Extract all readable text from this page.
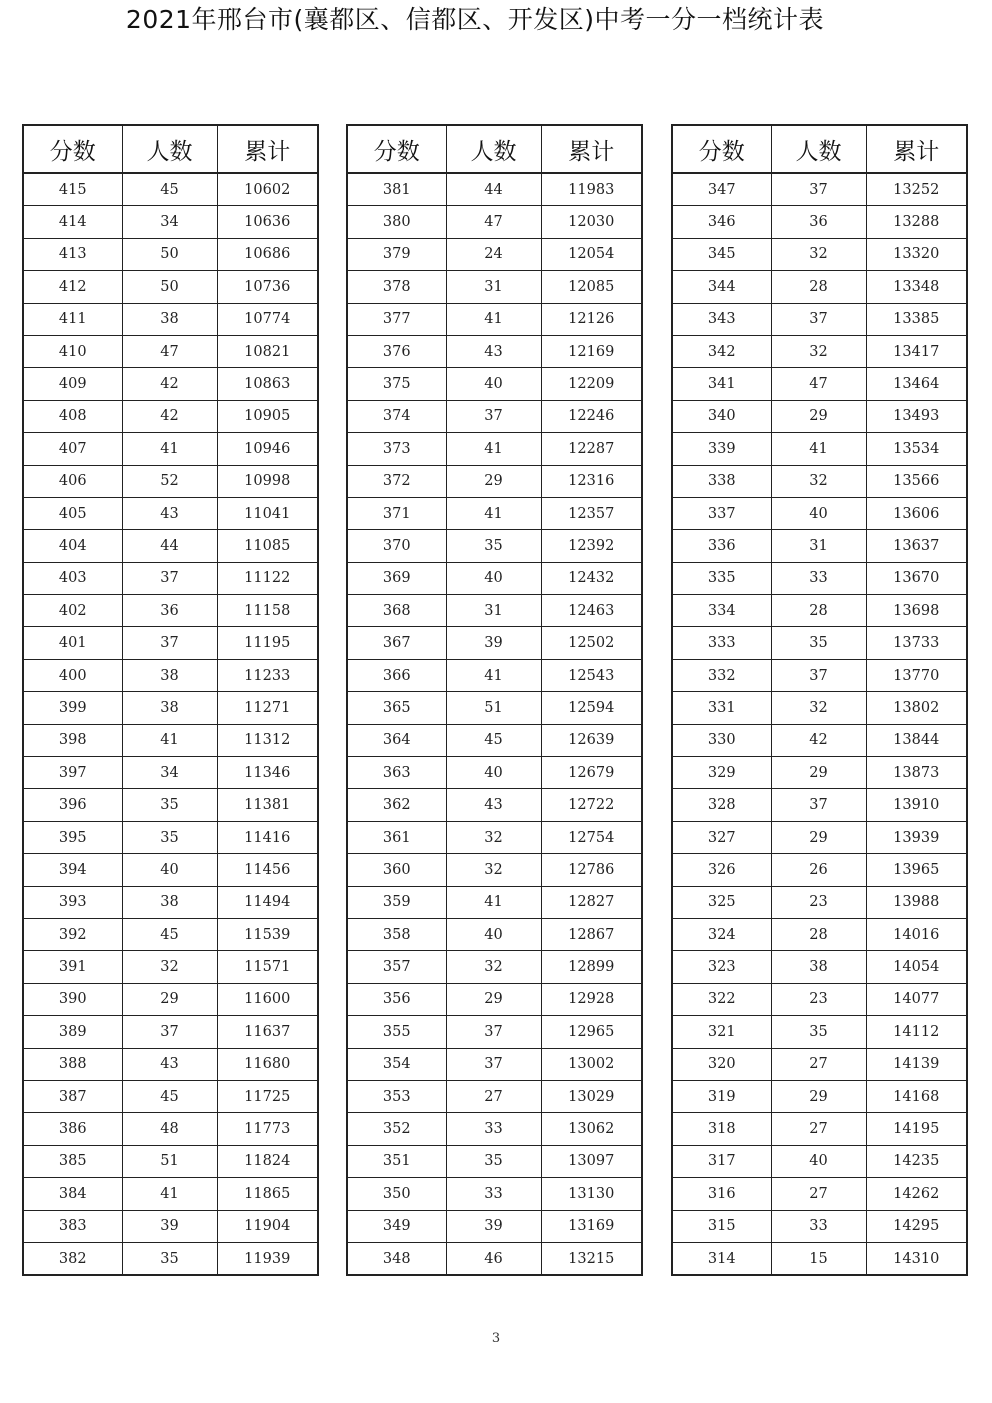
2021年邢台市(襄都区、信都区、开发区)中考一分一档统计表
分数	人数	累计
415	45	10602
414	34	10636
413	50	10686
412	50	10736
411	38	10774
410	47	10821
409	42	10863
408	42	10905
407	41	10946
406	52	10998
405	43	11041
404	44	11085
403	37	11122
402	36	11158
401	37	11195
400	38	11233
399	38	11271
398	41	11312
397	34	11346
396	35	11381
395	35	11416
394	40	11456
393	38	11494
392	45	11539
391	32	11571
390	29	11600
389	37	11637
388	43	11680
387	45	11725
386	48	11773
385	51	11824
384	41	11865
383	39	11904
382	35	11939
分数	人数	累计
381	44	11983
380	47	12030
379	24	12054
378	31	12085
377	41	12126
376	43	12169
375	40	12209
374	37	12246
373	41	12287
372	29	12316
371	41	12357
370	35	12392
369	40	12432
368	31	12463
367	39	12502
366	41	12543
365	51	12594
364	45	12639
363	40	12679
362	43	12722
361	32	12754
360	32	12786
359	41	12827
358	40	12867
357	32	12899
356	29	12928
355	37	12965
354	37	13002
353	27	13029
352	33	13062
351	35	13097
350	33	13130
349	39	13169
348	46	13215
分数	人数	累计
347	37	13252
346	36	13288
345	32	13320
344	28	13348
343	37	13385
342	32	13417
341	47	13464
340	29	13493
339	41	13534
338	32	13566
337	40	13606
336	31	13637
335	33	13670
334	28	13698
333	35	13733
332	37	13770
331	32	13802
330	42	13844
329	29	13873
328	37	13910
327	29	13939
326	26	13965
325	23	13988
324	28	14016
323	38	14054
322	23	14077
321	35	14112
320	27	14139
319	29	14168
318	27	14195
317	40	14235
316	27	14262
315	33	14295
314	15	14310
3
